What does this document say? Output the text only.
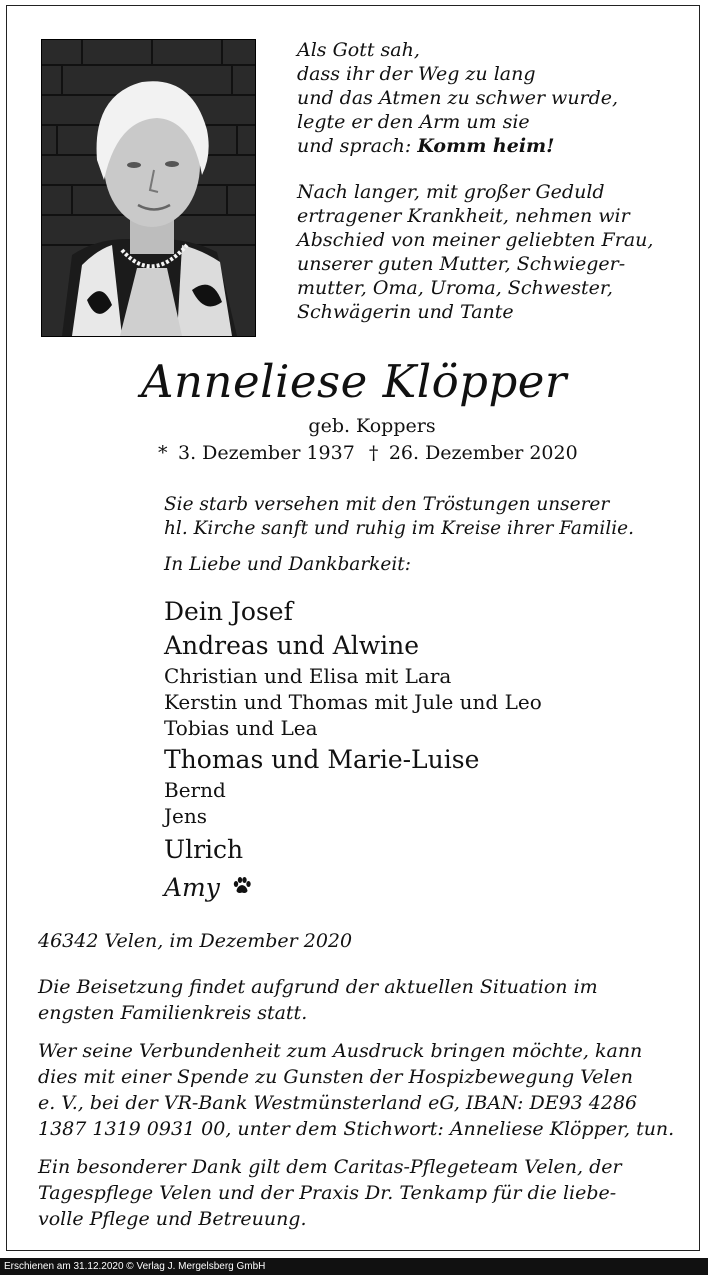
Als Gott sah,
dass ihr der Weg zu lang
und das Atmen zu schwer wurde,
legte er den Arm um sie
und sprach: Komm heim!
Nach langer, mit großer Geduld
ertragener Krankheit, nehmen wir
Abschied von meiner geliebten Frau,
unserer guten Mutter, Schwieger-
mutter, Oma, Uroma, Schwester,
Schwägerin und Tante
Anneliese Klöpper
geb. Koppers
* 3. Dezember 1937 † 26. Dezember 2020
Sie starb versehen mit den Tröstungen unserer
hl. Kirche sanft und ruhig im Kreise ihrer Familie.
In Liebe und Dankbarkeit:
Dein Josef
Andreas und Alwine
Christian und Elisa mit Lara
Kerstin und Thomas mit Jule und Leo
Tobias und Lea
Thomas und Marie-Luise
Bernd
Jens
Ulrich
Amy
46342 Velen, im Dezember 2020
Die Beisetzung findet aufgrund der aktuellen Situation im
engsten Familienkreis statt.
Wer seine Verbundenheit zum Ausdruck bringen möchte, kann
dies mit einer Spende zu Gunsten der Hospizbewegung Velen
e. V., bei der VR-Bank Westmünsterland eG, IBAN: DE93 4286
1387 1319 0931 00, unter dem Stichwort: Anneliese Klöpper, tun.
Ein besonderer Dank gilt dem Caritas-Pflegeteam Velen, der
Tagespflege Velen und der Praxis Dr. Tenkamp für die liebe-
volle Pflege und Betreuung.
Erschienen am 31.12.2020 © Verlag J. Mergelsberg GmbH
